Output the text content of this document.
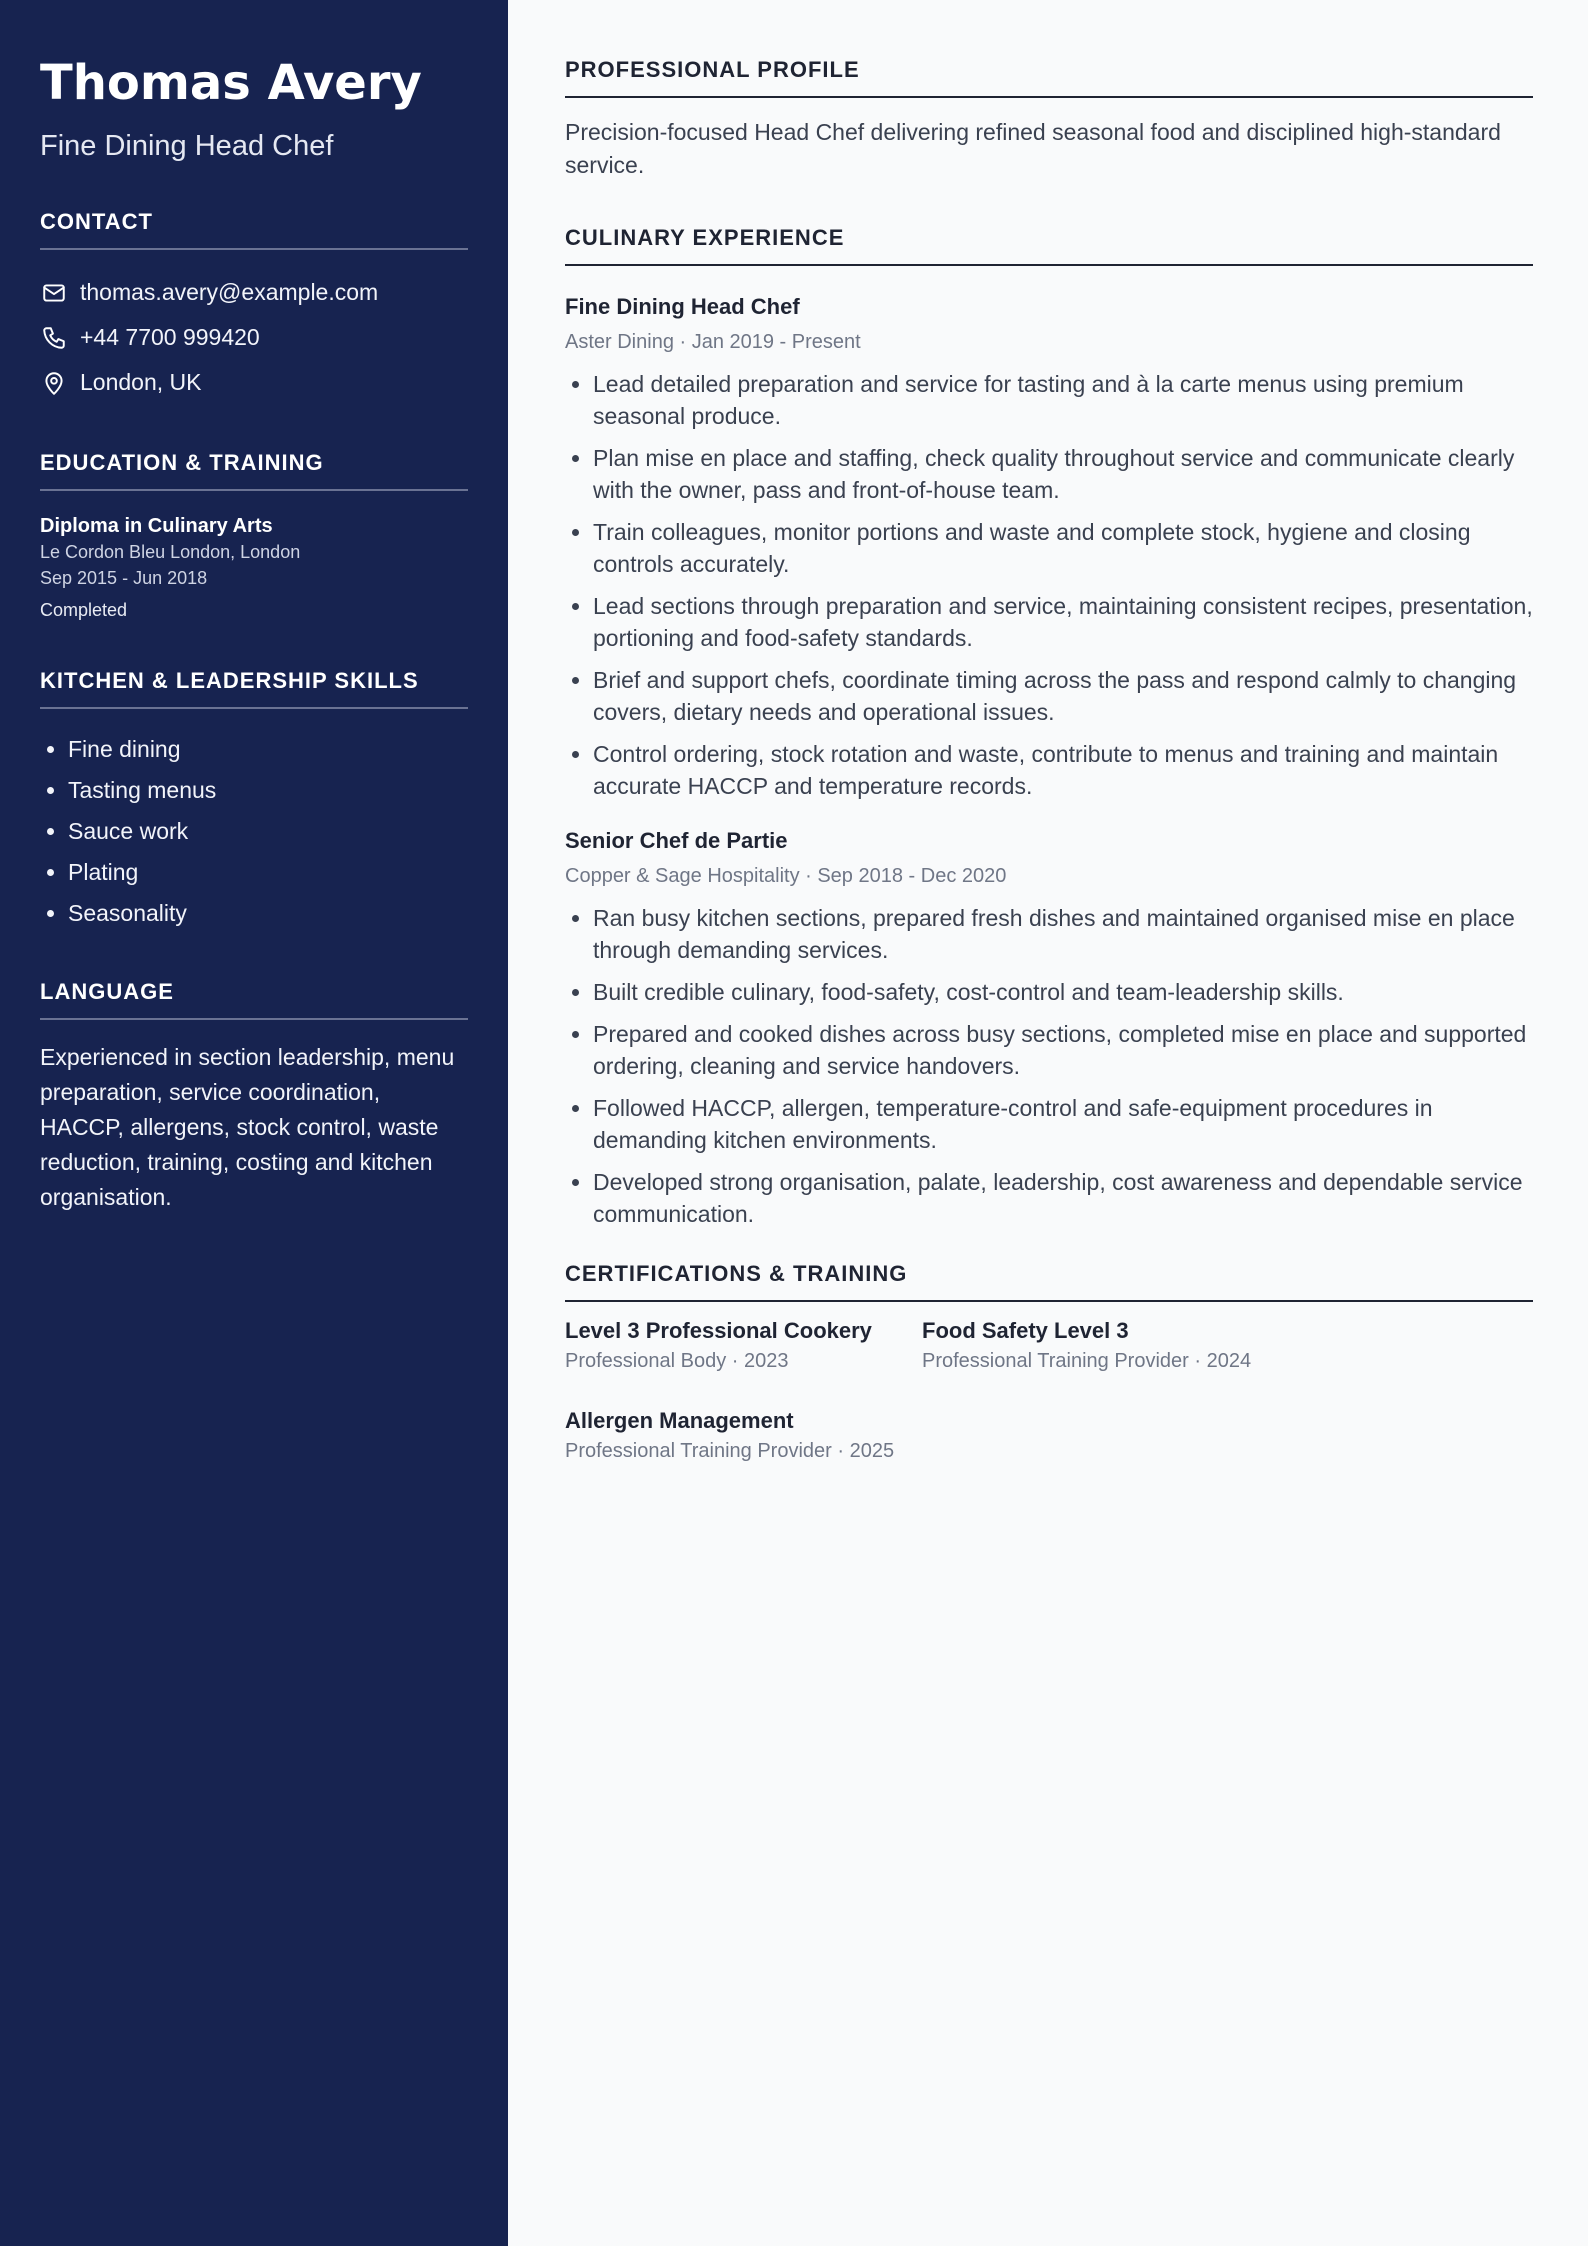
Thomas Avery
Fine Dining Head Chef
CONTACT
thomas.avery@example.com
+44 7700 999420
London, UK
EDUCATION & TRAINING
Diploma in Culinary Arts
Le Cordon Bleu London, London
Sep 2015 - Jun 2018
Completed
KITCHEN & LEADERSHIP SKILLS
• Fine dining
• Tasting menus
• Sauce work
• Plating
• Seasonality
LANGUAGE

Experienced in section leadership, menu preparation, service coordination, HACCP, allergens, stock control, waste reduction, training, costing and kitchen organisation.

PROFESSIONAL PROFILE

Precision-focused Head Chef delivering refined seasonal food and disciplined high-standard service.

CULINARY EXPERIENCE
Fine Dining Head Chef
Aster Dining · Jan 2019 - Present
• Lead detailed preparation and service for tasting and à la carte menus using premium seasonal produce.
• Plan mise en place and staffing, check quality throughout service and communicate clearly with the owner, pass and front-of-house team.
• Train colleagues, monitor portions and waste and complete stock, hygiene and closing controls accurately.
• Lead sections through preparation and service, maintaining consistent recipes, presentation, portioning and food-safety standards.
• Brief and support chefs, coordinate timing across the pass and respond calmly to changing covers, dietary needs and operational issues.
• Control ordering, stock rotation and waste, contribute to menus and training and maintain accurate HACCP and temperature records.
Senior Chef de Partie
Copper & Sage Hospitality · Sep 2018 - Dec 2020
• Ran busy kitchen sections, prepared fresh dishes and maintained organised mise en place through demanding services.
• Built credible culinary, food-safety, cost-control and team-leadership skills.
• Prepared and cooked dishes across busy sections, completed mise en place and supported ordering, cleaning and service handovers.
• Followed HACCP, allergen, temperature-control and safe-equipment procedures in demanding kitchen environments.
• Developed strong organisation, palate, leadership, cost awareness and dependable service communication.
CERTIFICATIONS & TRAINING
Level 3 Professional Cookery
Professional Body · 2023
Food Safety Level 3
Professional Training Provider · 2024
Allergen Management
Professional Training Provider · 2025
